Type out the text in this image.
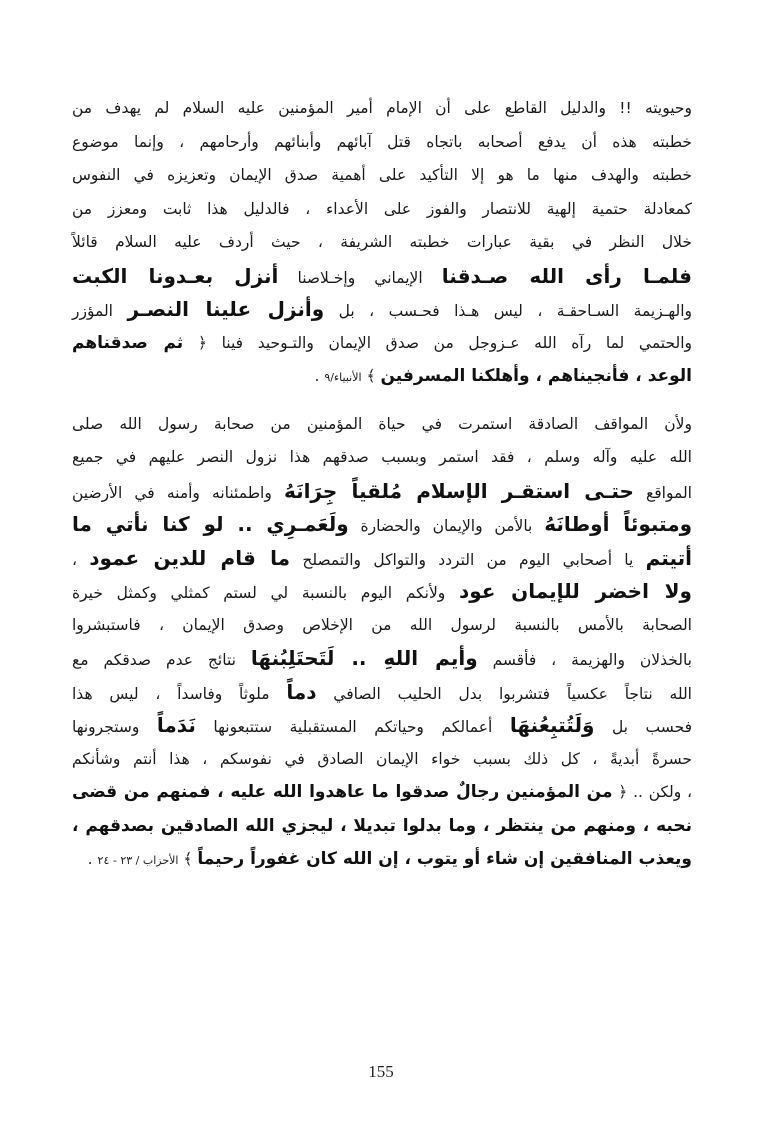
وحيويته !! والدليل القاطع على أن الإمام أمير المؤمنين عليه السلام لم يهدف من
خطبته هذه أن يدفع أصحابه باتجاه قتل آبائهم وأبنائهم وأرحامهم ، وإنما موضوع
خطبته والهدف منها ما هو إلا التأكيد على أهمية صدق الإيمان وتعزيزه في النفوس
كمعادلة حتمية إلهية للانتصار والفوز على الأعداء ، فالدليل هذا ثابت ومعزز من
خلال النظر في بقية عبارات خطبته الشريفة ، حيث أردف عليه السلام قائلاً
فلمـا رأى الله صـدقنا الإيماني وإخـلاصنا أنزل بعـدونا الكبت
والهـزيمة السـاحقـة ، ليس هـذا فحـسب ، بل وأنزل علينا النصـر المؤزر
والحتمي لما رآه الله عـزوجل من صدق الإيمان والتـوحيد فينا ﴿ ثم صدقناهم
الوعد ، فأنجيناهم ، وأهلكنا المسرفين ﴾ الأنبياء/٩ .
ولأن المواقف الصادقة استمرت في حياة المؤمنين من صحابة رسول الله صلى
الله عليه وآله وسلم ، فقد استمر وبسبب صدقهم هذا نزول النصر عليهم في جميع
المواقع حتـى استقـر الإسلام مُلقياً جِرَانَهُ واطمئنانه وأمنه في الأرضين
ومتبوئاً أوطانَهُ بالأمن والإيمان والحضارة ولَعَمـرِي .. لو كنا نأتي ما
أتيتم يا أصحابي اليوم من التردد والتواكل والتمصلح ما قام للدين عمود ،
ولا اخضر للإيمان عود ولأنكم اليوم بالنسبة لي لستم كمثلي وكمثل خيرة
الصحابة بالأمس بالنسبة لرسول الله من الإخلاص وصدق الإيمان ، فاستبشروا
بالخذلان والهزيمة ، فأقسم وأيم اللهِ .. لَتَحتَلِبُنهَا نتائج عدم صدقكم مع
الله نتاجاً عكسياً فتشربوا بدل الحليب الصافي دماً ملوثاً وفاسداً ، ليس هذا
فحسب بل وَلَتُتبِعُنهَا أعمالكم وحياتكم المستقبلية ستتبعونها نَدَماً وستجرونها
حسرةً أبديةً ، كل ذلك بسبب خواء الإيمان الصادق في نفوسكم ، هذا أنتم وشأنكم
، ولكن .. ﴿ من المؤمنين رجالٌ صدقوا ما عاهدوا الله عليه ، فمنهم من قضى
نحبه ، ومنهم من ينتظر ، وما بدلوا تبديلا ، ليجزي الله الصادقين بصدقهم ،
ويعذب المنافقين إن شاء أو يتوب ، إن الله كان غفوراً رحيماً ﴾ الأحزاب / ٢٣ - ٢٤ .
155
